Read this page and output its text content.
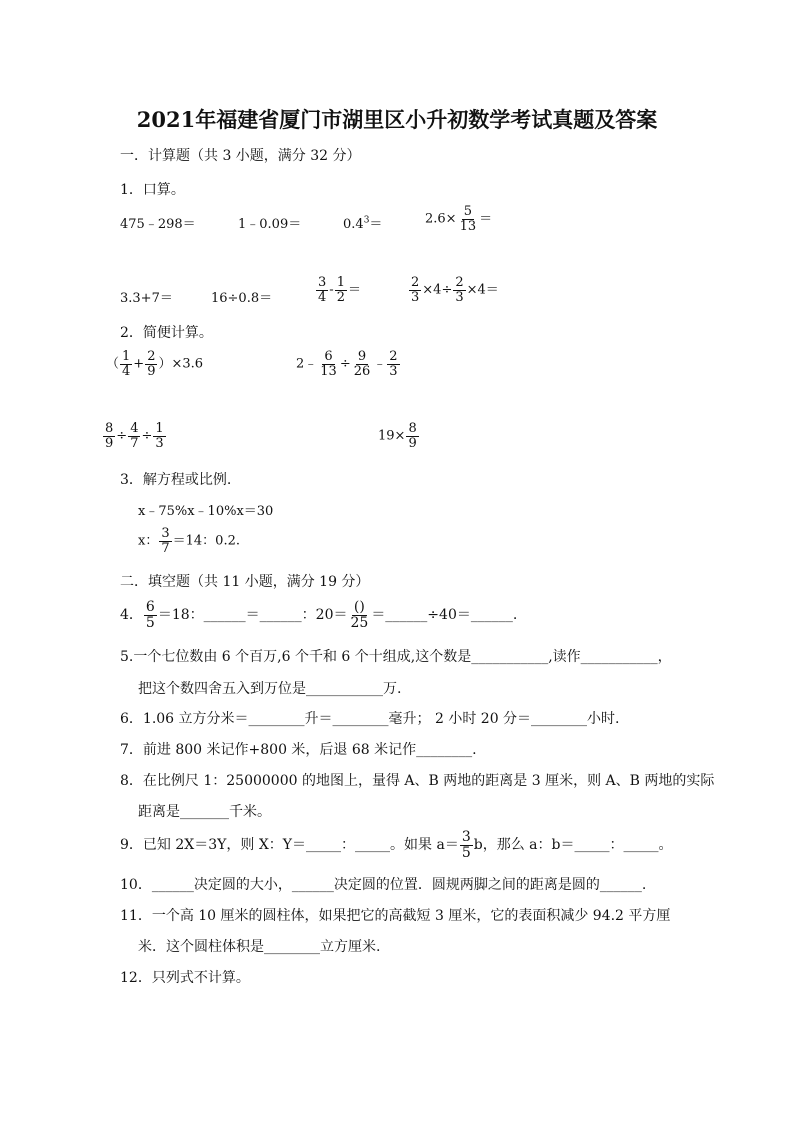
2021年福建省厦门市湖里区小升初数学考试真题及答案
一．计算题（共 3 小题，满分 32 分）
1．口算。
475﹣298＝	1﹣0.09＝	$0.4^3=$	$2.6\times \frac{5}{13}$ ＝
3.3+7＝	16÷0.8＝	$\frac{3}{4} - \frac{1}{2}$ ＝	$\frac{2}{3} \times 4\div \frac{2}{3} \times 4=$
2．简便计算。
（ $\frac{1}{4} + \frac{2}{9} )\times 3.6$	2﹣ $\frac{6}{13} \div \frac{9}{26}$ ﹣ $\frac{2}{3}$
$\frac{8}{9} \div \frac{4}{7} \div \frac{1}{3}$	$19\times \frac{8}{9}$
3．解方程或比例.
x﹣75%x﹣10%x＝30
x： $\frac{3}{7} =14$：0.2.
二．填空题（共 11 小题，满分 19 分）
4． $\frac{6}{5} =18$：______＝______：$20= \frac{()}{25}$ ＝______÷40＝______.
5.一个七位数由 6 个百万,6 个千和 6 个十组成,这个数是___________,读作___________，
把这个数四舍五入到万位是___________万.
6．1.06 立方分米＝________升＝________毫升； 2 小时 20 分＝________小时.
7．前进 800 米记作+800 米，后退 68 米记作________.
8．在比例尺 1：25000000 的地图上，量得 A、B 两地的距离是 3 厘米，则 A、B 两地的实际
距离是_______千米。
9．已知 2X＝3Y，则 X：Y＝_____：_____。如果 $a= \frac{3}{5}$ b，那么 a：b＝_____：_____。
10．______决定圆的大小，______决定圆的位置．圆规两脚之间的距离是圆的______.
11．一个高 10 厘米的圆柱体，如果把它的高截短 3 厘米，它的表面积减少 94.2 平方厘
米．这个圆柱体积是________立方厘米.
12．只列式不计算。
